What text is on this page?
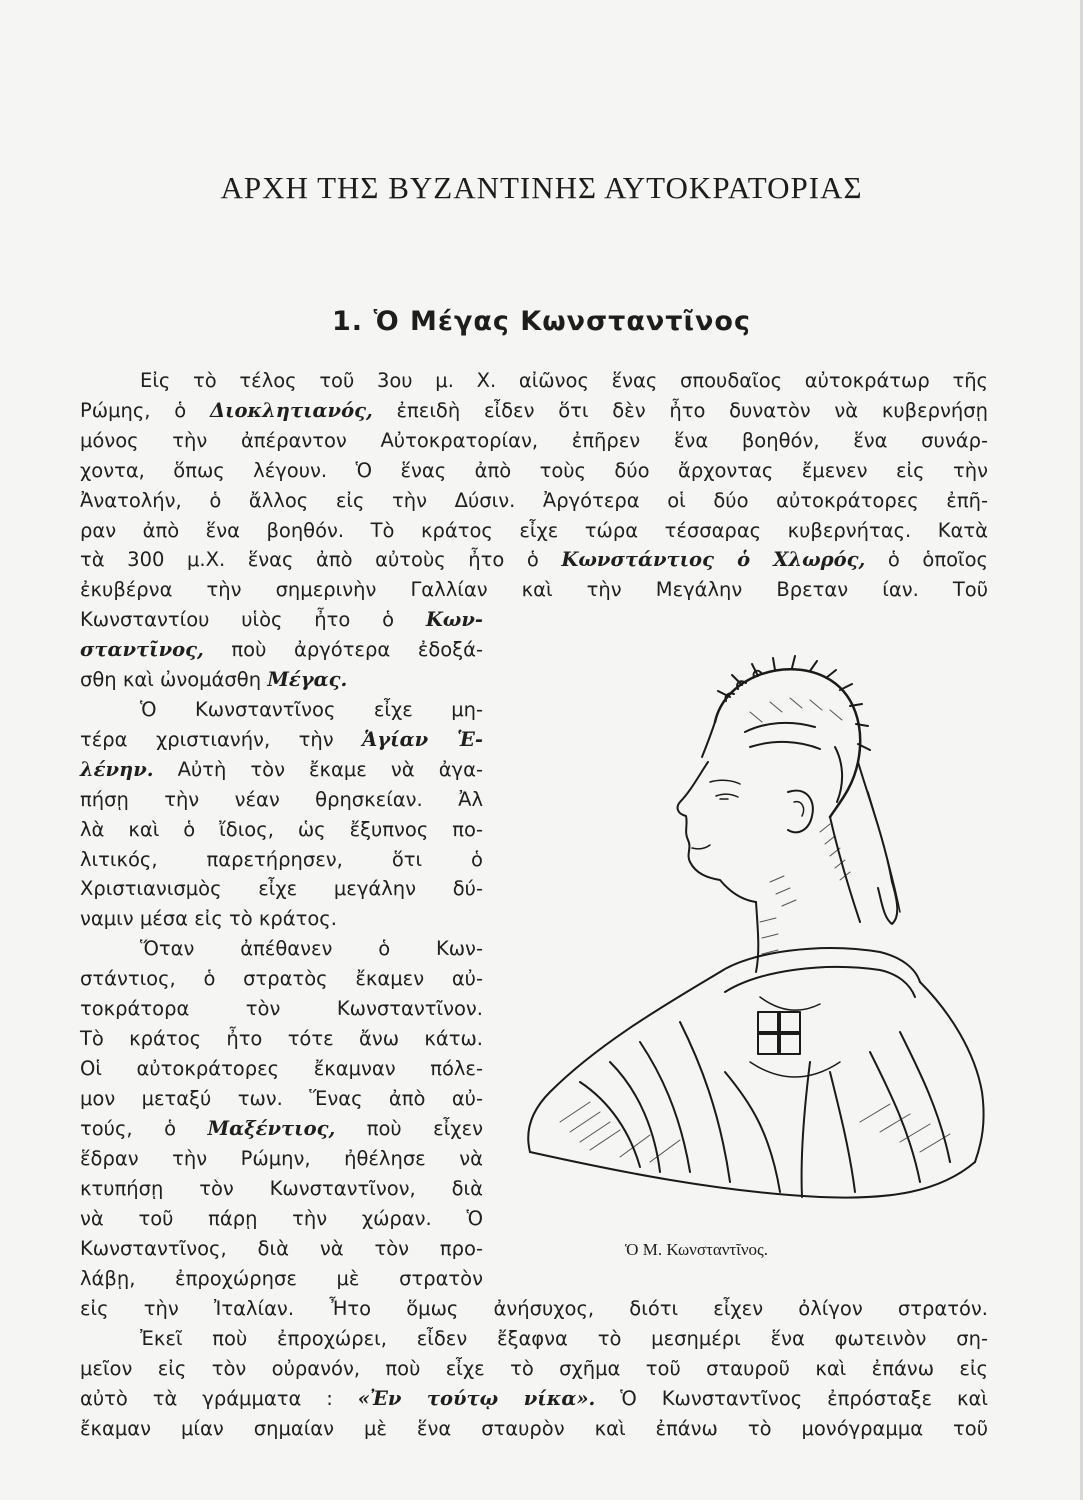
ΑΡΧΗ ΤΗΣ ΒΥΖΑΝΤΙΝΗΣ ΑΥΤΟΚΡΑΤΟΡΙΑΣ
1. Ὁ Μέγας Κωνσταντῖνος
Εἰς τὸ τέλος τοῦ 3ου μ. Χ. αἰῶνος ἕνας σπουδαῖος αὐτοκράτωρ τῆς
Ρώμης, ὁ Διοκλητιανός, ἐπειδὴ εἶδεν ὅτι δὲν ἦτο δυνατὸν νὰ κυβερνήσῃ
μόνος τὴν ἀπέραντον Αὐτοκρατορίαν, ἐπῆρεν ἕνα βοηθόν, ἕνα συνάρ-
χοντα, ὅπως λέγουν. Ὁ ἕνας ἀπὸ τοὺς δύο ἄρχοντας ἔμενεν εἰς τὴν
Ἀνατολήν, ὁ ἄλλος εἰς τὴν Δύσιν. Ἀργότερα οἱ δύο αὐτοκράτορες ἐπῆ-
ραν ἀπὸ ἕνα βοηθόν. Τὸ κράτος εἶχε τώρα τέσσαρας κυβερνήτας. Κατὰ
τὰ 300 μ.Χ. ἕνας ἀπὸ αὐτοὺς ἦτο ὁ Κωνστάντιος ὁ Χλωρός, ὁ ὁποῖος
ἐκυβέρνα τὴν σημερινὴν Γαλλίαν καὶ τὴν Μεγάλην Βρεταν ίαν. Τοῦ
Κωνσταντίου υἱὸς ἦτο ὁ Κων-
σταντῖνος, ποὺ ἀργότερα ἐδοξά-
σθη καὶ ὠνομάσθη Μέγας.
Ὁ Κωνσταντῖνος εἶχε μη-
τέρα χριστιανήν, τὴν Ἁγίαν Ἑ-
λένην. Αὐτὴ τὸν ἔκαμε νὰ ἀγα-
πήσῃ τὴν νέαν θρησκείαν. Ἀλ
λὰ καὶ ὁ ἴδιος, ὡς ἔξυπνος πο-
λιτικός, παρετήρησεν, ὅτι ὁ
Χριστιανισμὸς εἶχε μεγάλην δύ-
ναμιν μέσα εἰς τὸ κράτος.
Ὅταν ἀπέθανεν ὁ Κων-
στάντιος, ὁ στρατὸς ἔκαμεν αὐ-
τοκράτορα τὸν Κωνσταντῖνον.
Τὸ κράτος ἦτο τότε ἄνω κάτω.
Οἱ αὐτοκράτορες ἔκαμναν πόλε-
μον μεταξύ των. Ἕνας ἀπὸ αὐ-
τούς, ὁ Μαξέντιος, ποὺ εἶχεν
ἕδραν τὴν Ρώμην, ἠθέλησε νὰ
κτυπήσῃ τὸν Κωνσταντῖνον, διὰ
νὰ τοῦ πάρῃ τὴν χώραν. Ὁ
Κωνσταντῖνος, διὰ νὰ τὸν προ-
λάβῃ, ἐπροχώρησε μὲ στρατὸν
εἰς τὴν Ἰταλίαν. Ἦτο ὅμως ἀνήσυχος, διότι εἶχεν ὀλίγον στρατόν.
Ἐκεῖ ποὺ ἐπροχώρει, εἶδεν ἔξαφνα τὸ μεσημέρι ἕνα φωτεινὸν ση-
μεῖον εἰς τὸν οὐρανόν, ποὺ εἶχε τὸ σχῆμα τοῦ σταυροῦ καὶ ἐπάνω εἰς
αὐτὸ τὰ γράμματα : «Ἐν τούτῳ νίκα». Ὁ Κωνσταντῖνος ἐπρόσταξε καὶ
ἔκαμαν μίαν σημαίαν μὲ ἕνα σταυρὸν καὶ ἐπάνω τὸ μονόγραμμα τοῦ
Ὁ Μ. Κωνσταντῖνος.
